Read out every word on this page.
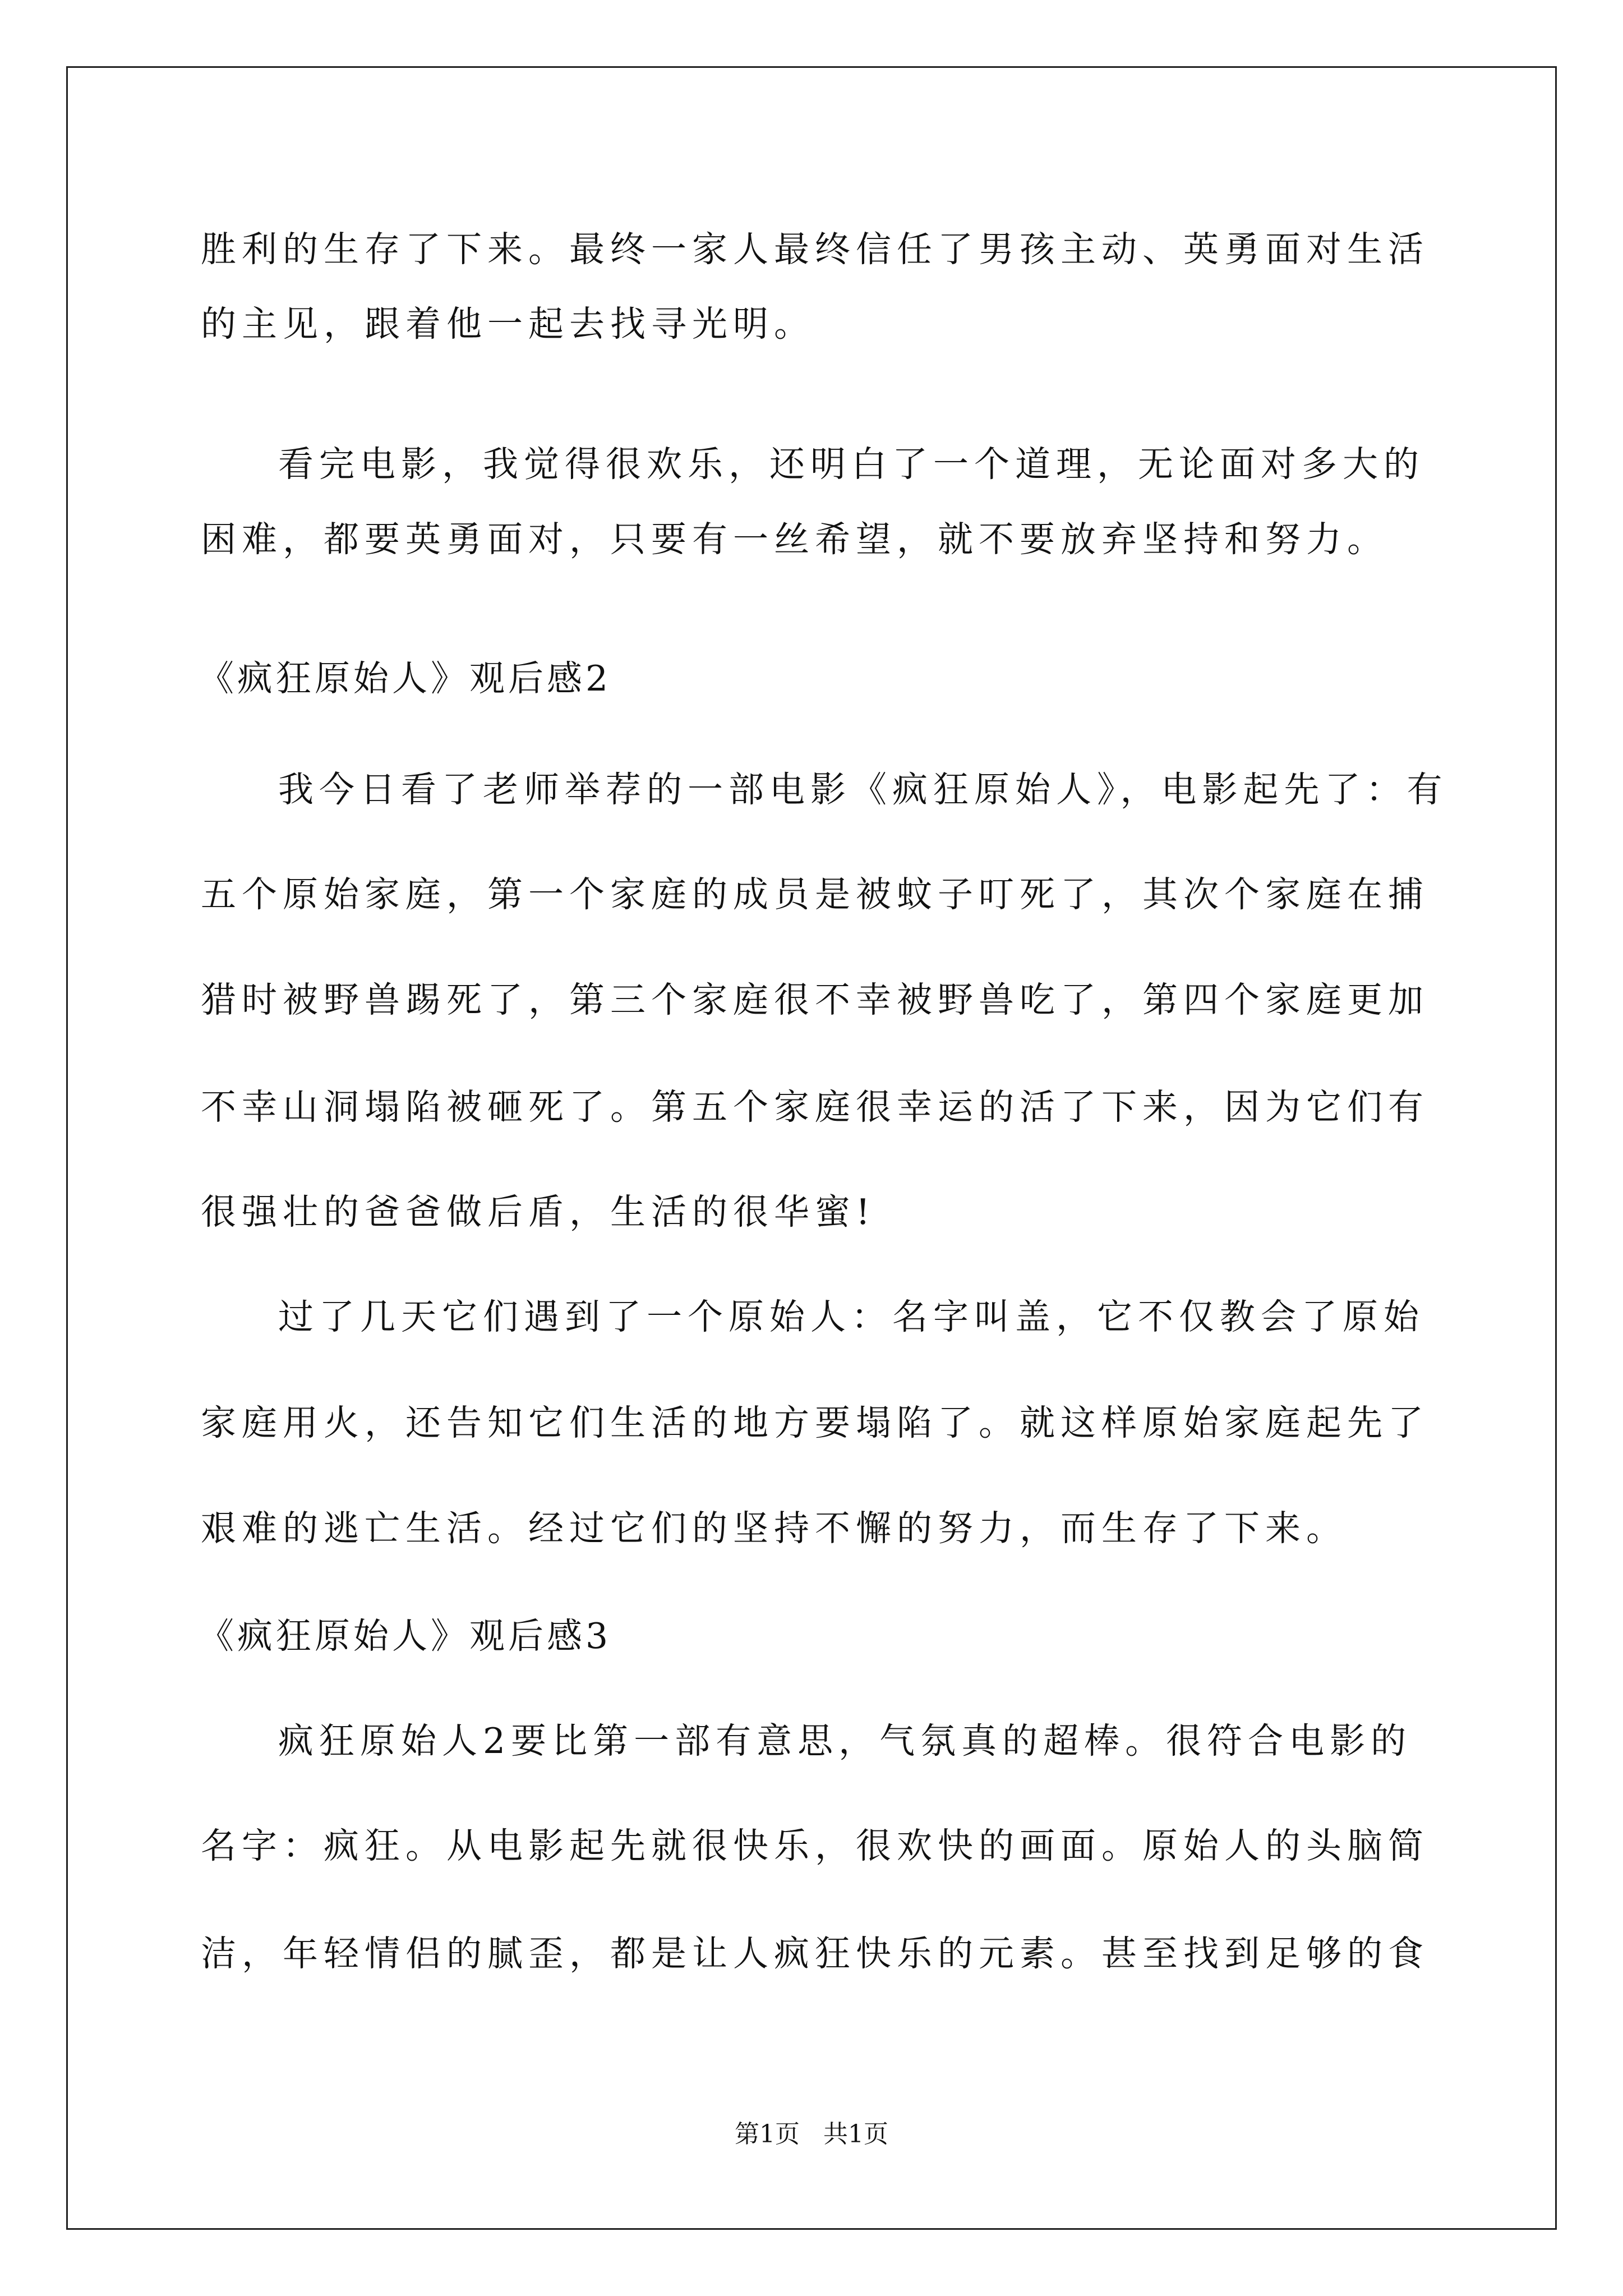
胜利的生存了下来。最终一家人最终信任了男孩主动、英勇面对生活
的主见，跟着他一起去找寻光明。
看完电影，我觉得很欢乐，还明白了一个道理，无论面对多大的
困难，都要英勇面对，只要有一丝希望，就不要放弃坚持和努力。
《疯狂原始人》观后感2
我今日看了老师举荐的一部电影《疯狂原始人》，电影起先了：有
五个原始家庭，第一个家庭的成员是被蚊子叮死了，其次个家庭在捕
猎时被野兽踢死了，第三个家庭很不幸被野兽吃了，第四个家庭更加
不幸山洞塌陷被砸死了。第五个家庭很幸运的活了下来，因为它们有
很强壮的爸爸做后盾，生活的很华蜜!
过了几天它们遇到了一个原始人：名字叫盖，它不仅教会了原始
家庭用火，还告知它们生活的地方要塌陷了。就这样原始家庭起先了
艰难的逃亡生活。经过它们的坚持不懈的努力，而生存了下来。
《疯狂原始人》观后感3
疯狂原始人2要比第一部有意思，气氛真的超棒。很符合电影的
名字：疯狂。从电影起先就很快乐，很欢快的画面。原始人的头脑简
洁，年轻情侣的腻歪，都是让人疯狂快乐的元素。甚至找到足够的食
第1页   共1页
